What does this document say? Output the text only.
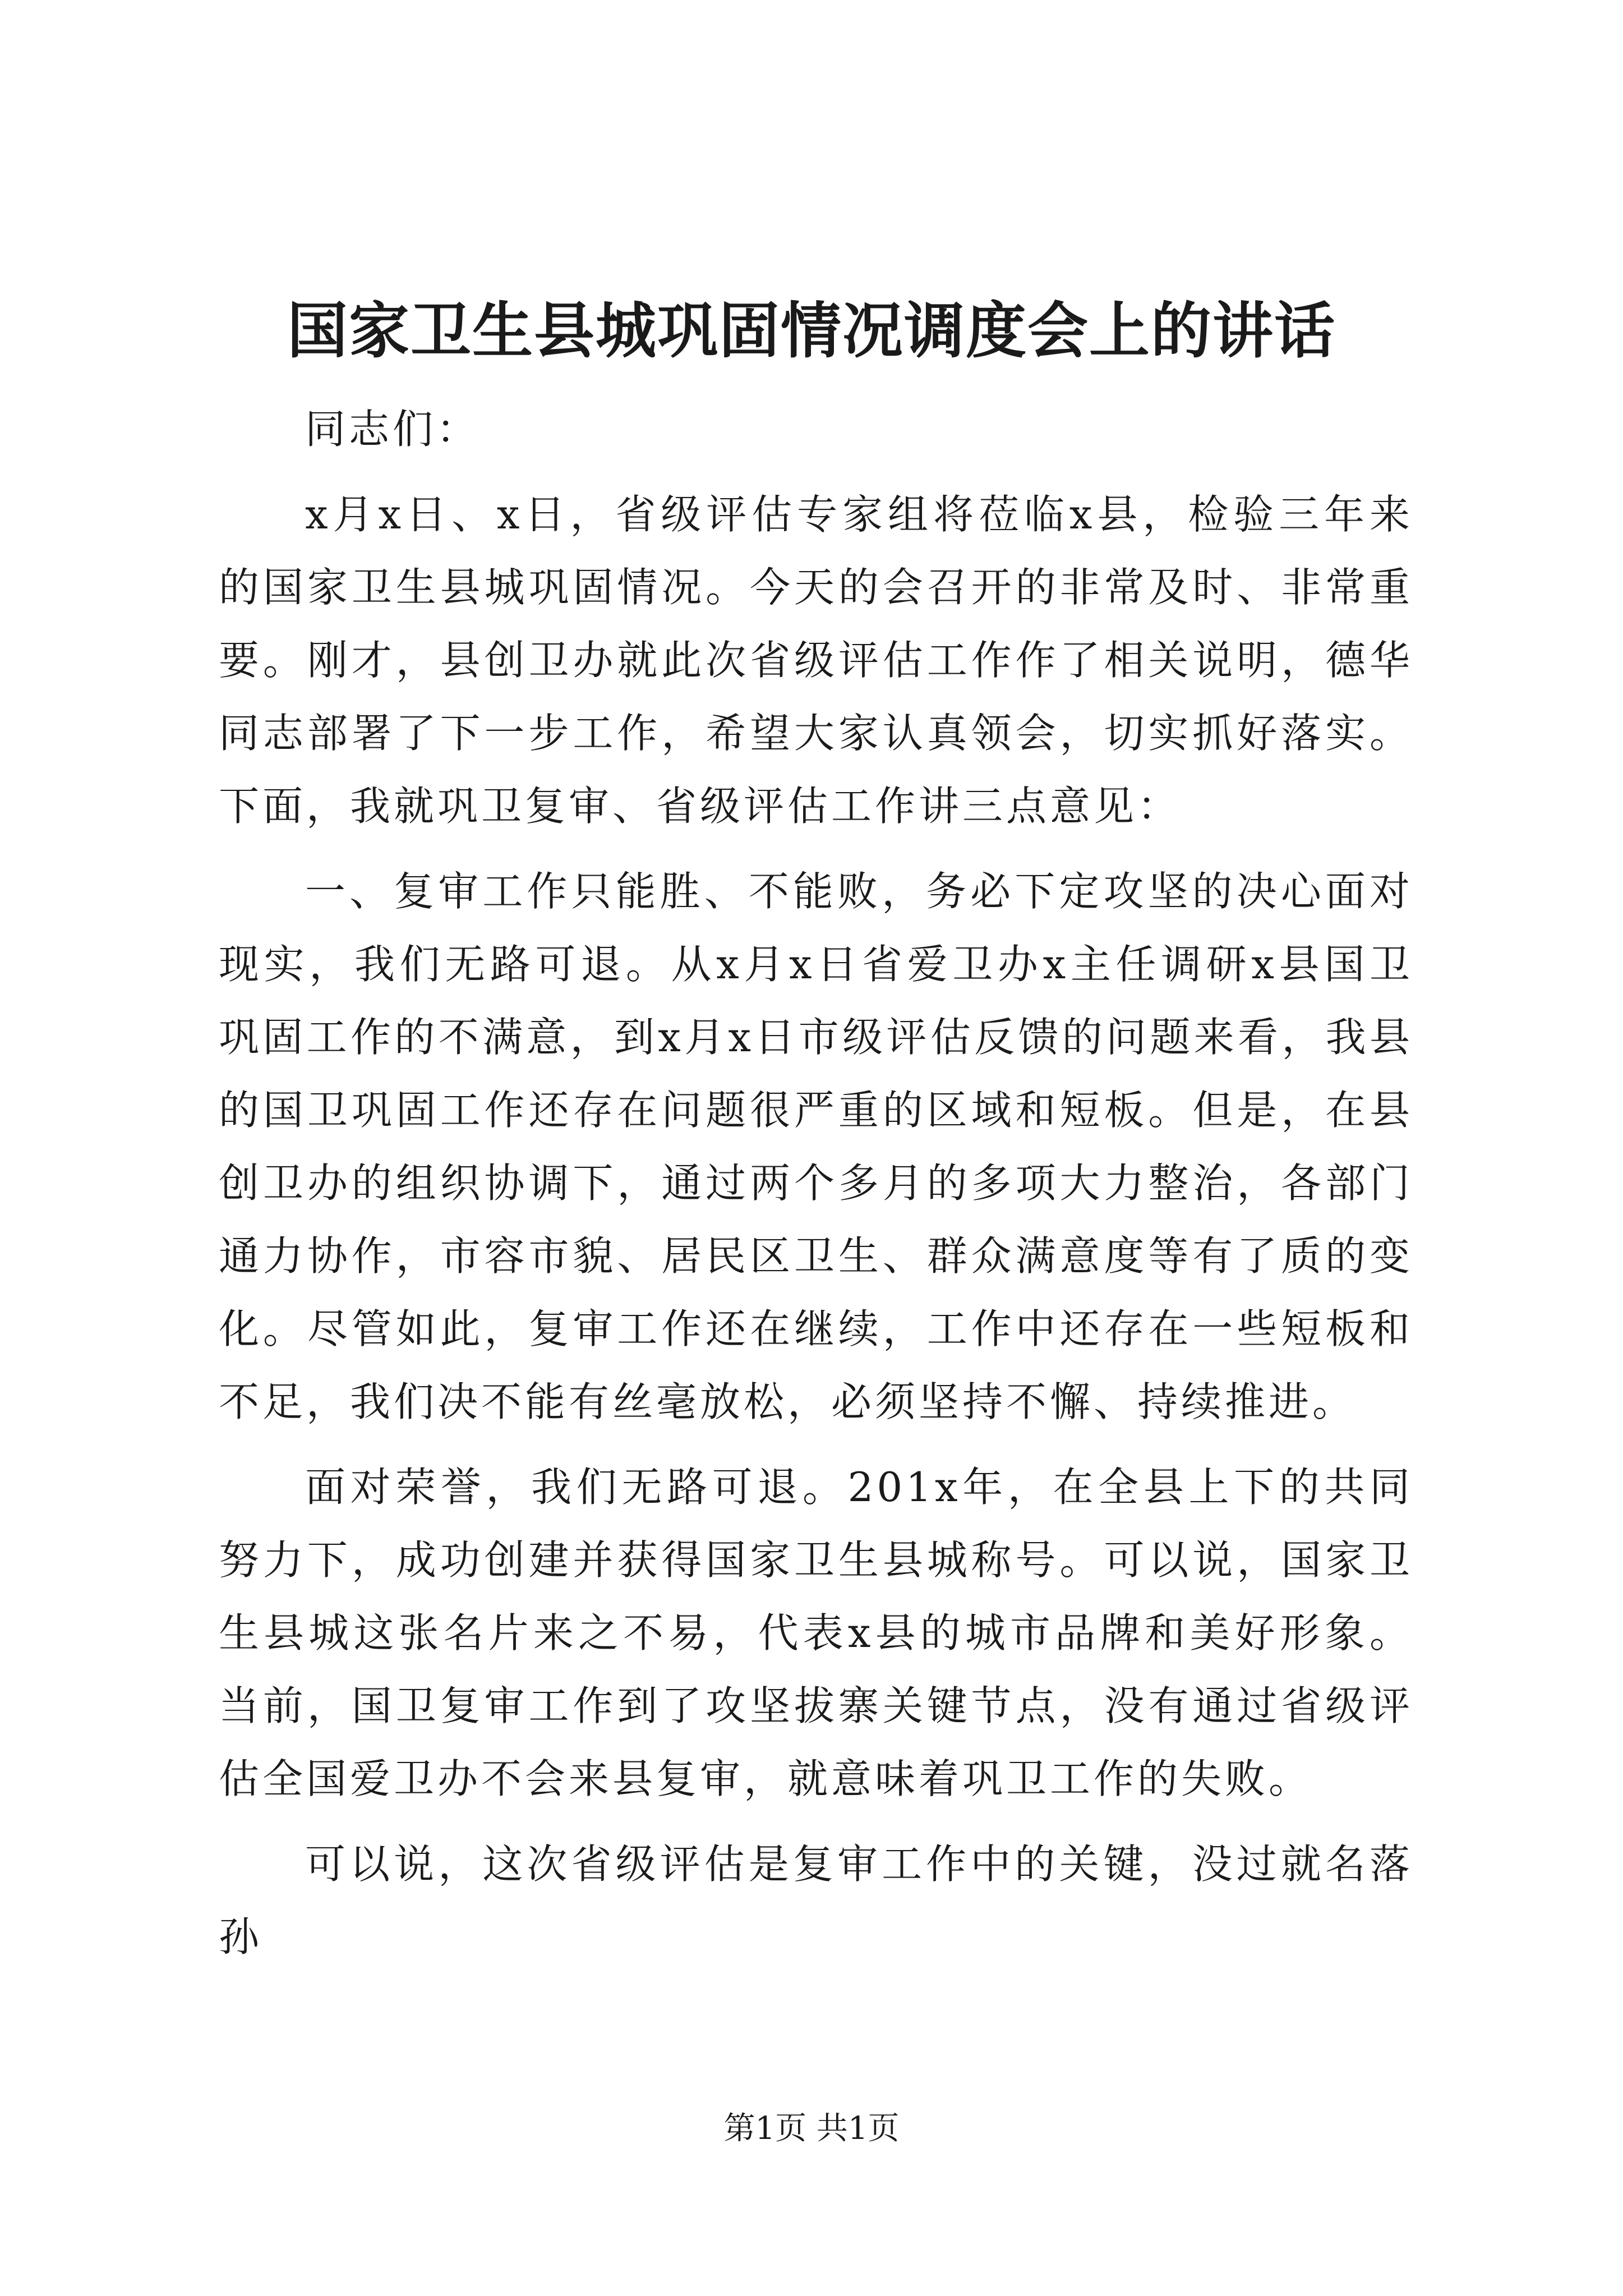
国家卫生县城巩固情况调度会上的讲话

同志们：

x月x日、x日，省级评估专家组将莅临x县，检验三年来的国家卫生县城巩固情况。今天的会召开的非常及时、非常重要。刚才，县创卫办就此次省级评估工作作了相关说明，德华同志部署了下一步工作，希望大家认真领会，切实抓好落实。下面，我就巩卫复审、省级评估工作讲三点意见：

一、复审工作只能胜、不能败，务必下定攻坚的决心面对现实，我们无路可退。从x月x日省爱卫办x主任调研x县国卫巩固工作的不满意，到x月x日市级评估反馈的问题来看，我县的国卫巩固工作还存在问题很严重的区域和短板。但是，在县创卫办的组织协调下，通过两个多月的多项大力整治，各部门通力协作，市容市貌、居民区卫生、群众满意度等有了质的变化。尽管如此，复审工作还在继续，工作中还存在一些短板和不足，我们决不能有丝毫放松，必须坚持不懈、持续推进。

面对荣誉，我们无路可退。201x年，在全县上下的共同努力下，成功创建并获得国家卫生县城称号。可以说，国家卫生县城这张名片来之不易，代表x县的城市品牌和美好形象。当前，国卫复审工作到了攻坚拔寨关键节点，没有通过省级评估全国爱卫办不会来县复审，就意味着巩卫工作的失败。

可以说，这次省级评估是复审工作中的关键，没过就名落孙

第1页 共1页
